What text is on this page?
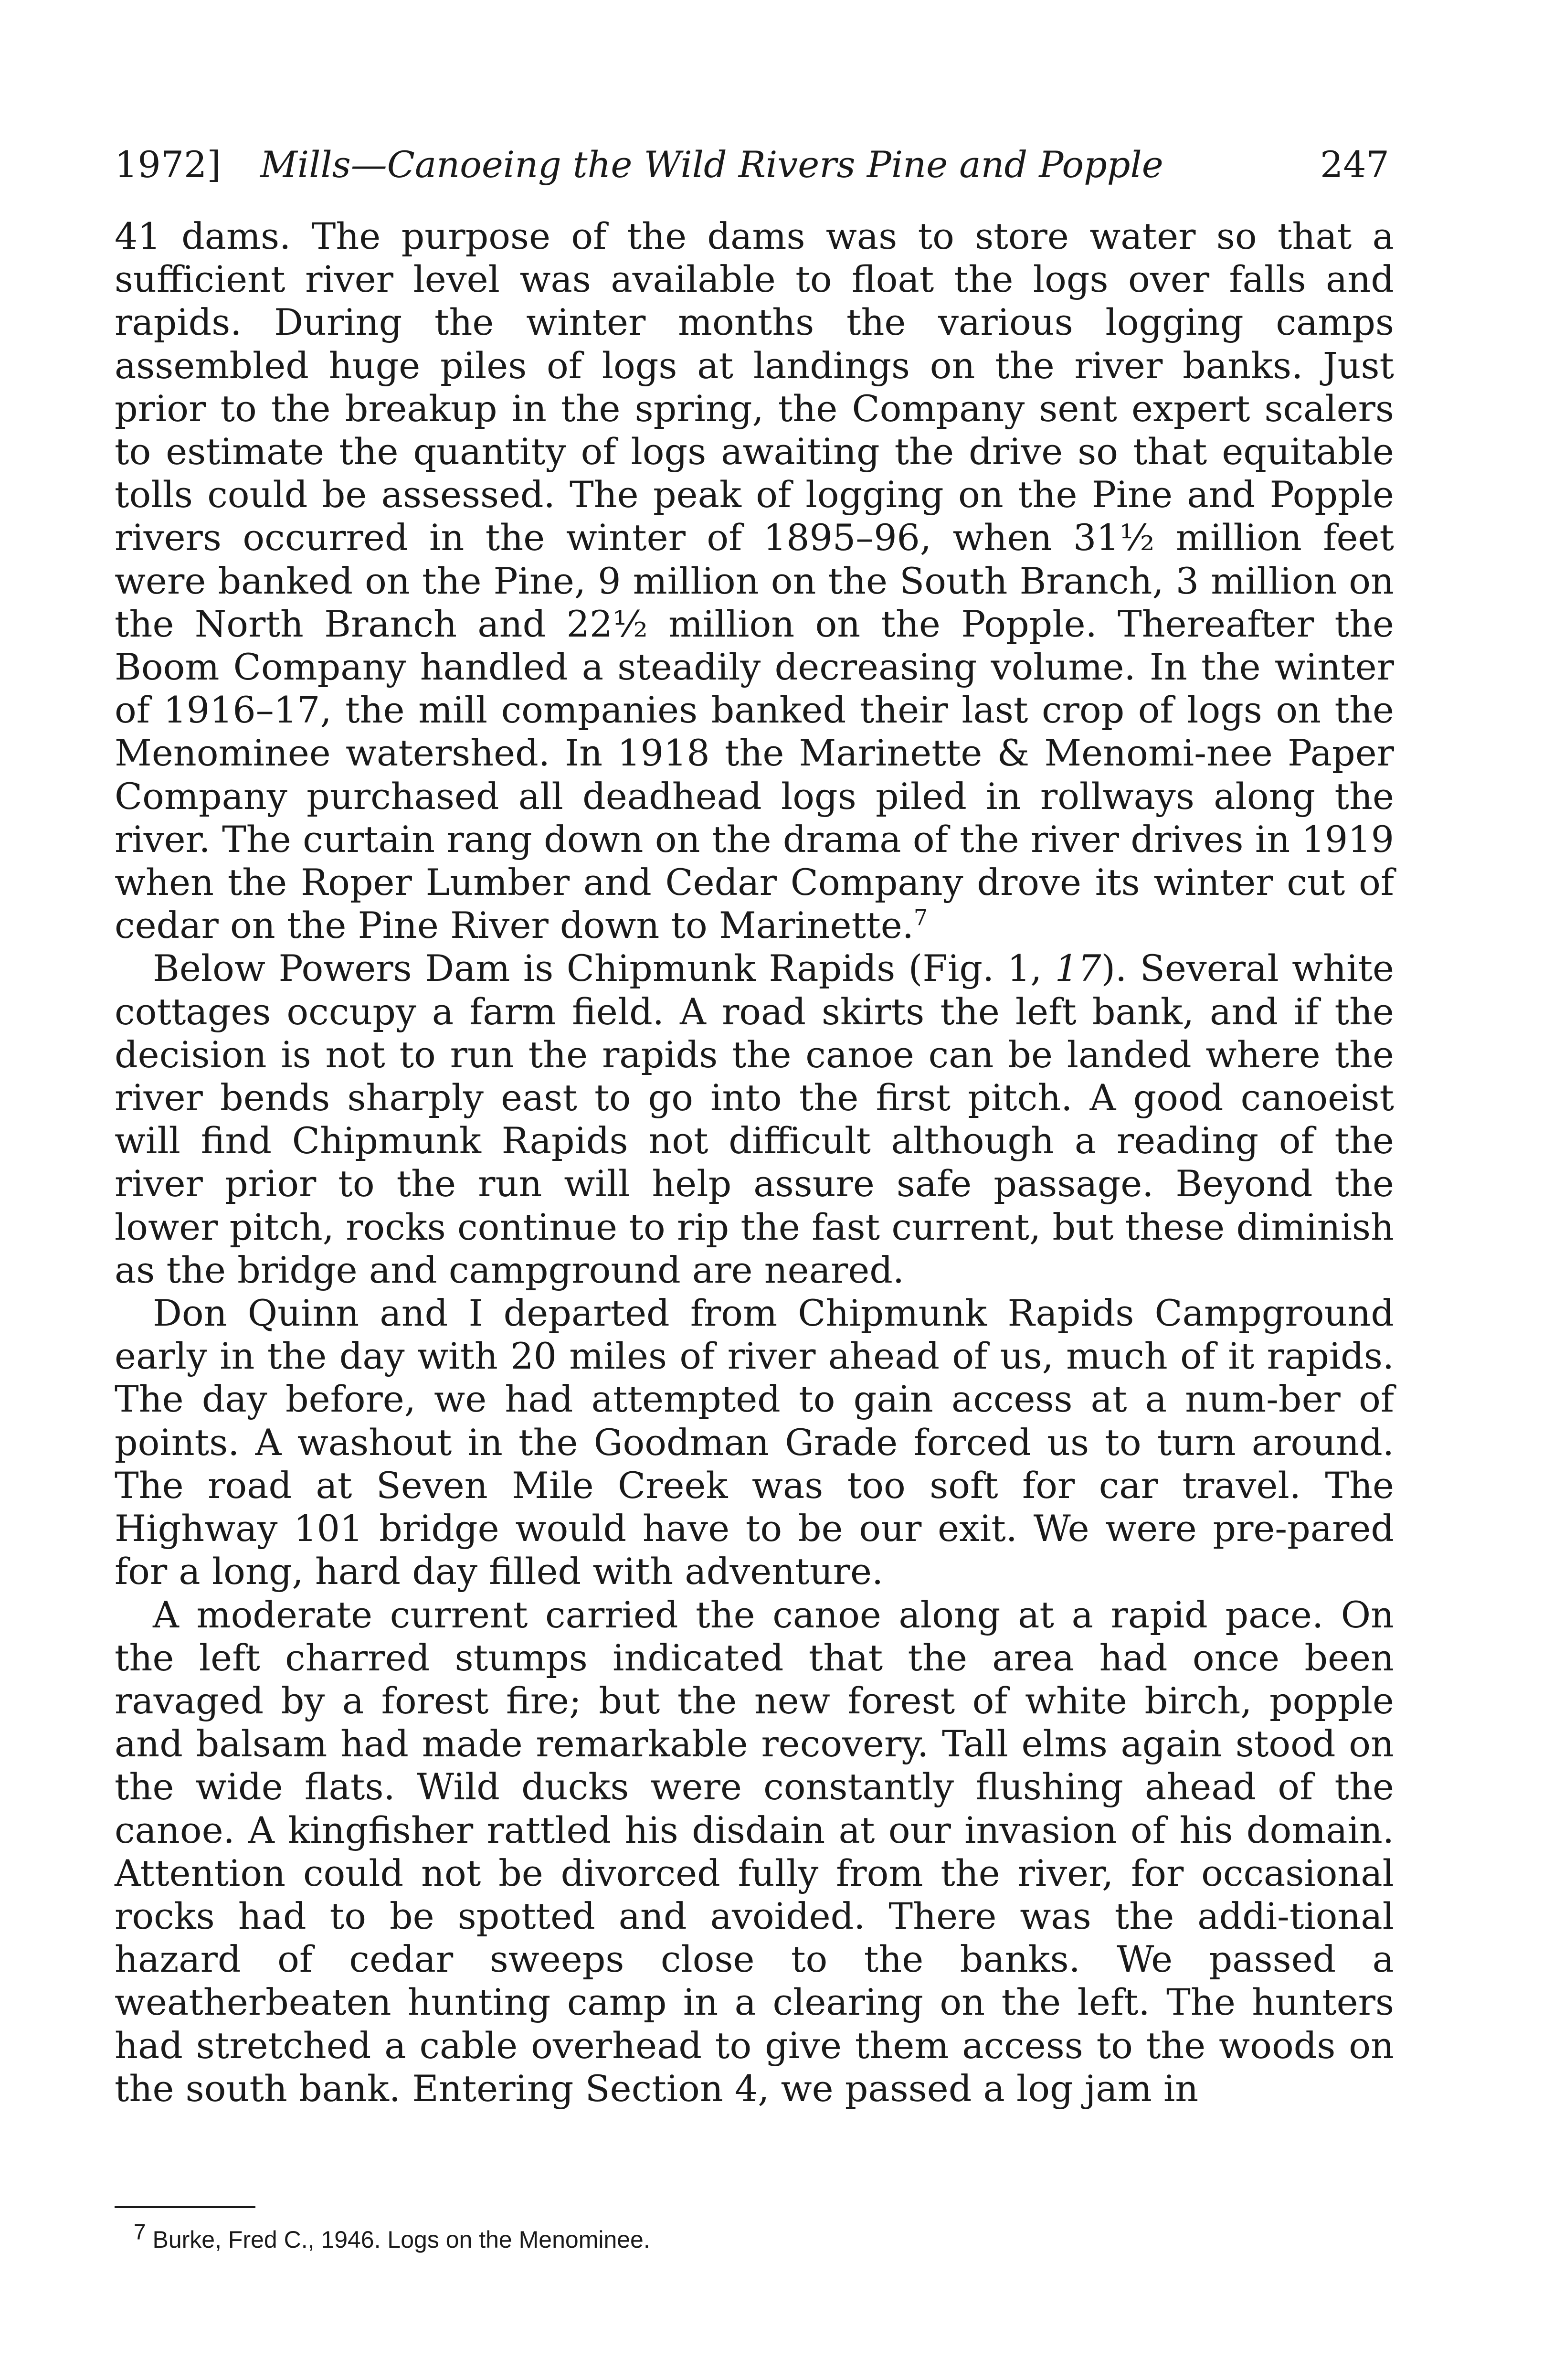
1972] Mills—Canoeing the Wild Rivers Pine and Popple	247

41 dams. The purpose of the dams was to store water so that a sufficient river level was available to float the logs over falls and rapids. During the winter months the various logging camps assembled huge piles of logs at landings on the river banks. Just prior to the breakup in the spring, the Company sent expert scalers to estimate the quantity of logs awaiting the drive so that equitable tolls could be assessed. The peak of logging on the Pine and Popple rivers occurred in the winter of 1895–96, when 31½ million feet were banked on the Pine, 9 million on the South Branch, 3 million on the North Branch and 22½ million on the Popple. Thereafter the Boom Company handled a steadily decreasing volume. In the winter of 1916–17, the mill companies banked their last crop of logs on the Menominee watershed. In 1918 the Marinette & Menomi-nee Paper Company purchased all deadhead logs piled in rollways along the river. The curtain rang down on the drama of the river drives in 1919 when the Roper Lumber and Cedar Company drove its winter cut of cedar on the Pine River down to Marinette.$^7$

Below Powers Dam is Chipmunk Rapids (Fig. 1, 17). Several white cottages occupy a farm field. A road skirts the left bank, and if the decision is not to run the rapids the canoe can be landed where the river bends sharply east to go into the first pitch. A good canoeist will find Chipmunk Rapids not difficult although a reading of the river prior to the run will help assure safe passage. Beyond the lower pitch, rocks continue to rip the fast current, but these diminish as the bridge and campground are neared.

Don Quinn and I departed from Chipmunk Rapids Campground early in the day with 20 miles of river ahead of us, much of it rapids. The day before, we had attempted to gain access at a num-ber of points. A washout in the Goodman Grade forced us to turn around. The road at Seven Mile Creek was too soft for car travel. The Highway 101 bridge would have to be our exit. We were pre-pared for a long, hard day filled with adventure.

A moderate current carried the canoe along at a rapid pace. On the left charred stumps indicated that the area had once been ravaged by a forest fire; but the new forest of white birch, popple and balsam had made remarkable recovery. Tall elms again stood on the wide flats. Wild ducks were constantly flushing ahead of the canoe. A kingfisher rattled his disdain at our invasion of his domain. Attention could not be divorced fully from the river, for occasional rocks had to be spotted and avoided. There was the addi-tional hazard of cedar sweeps close to the banks. We passed a weatherbeaten hunting camp in a clearing on the left. The hunters had stretched a cable overhead to give them access to the woods on the south bank. Entering Section 4, we passed a log jam in

$^7$ Burke, Fred C., 1946. Logs on the Menominee.
